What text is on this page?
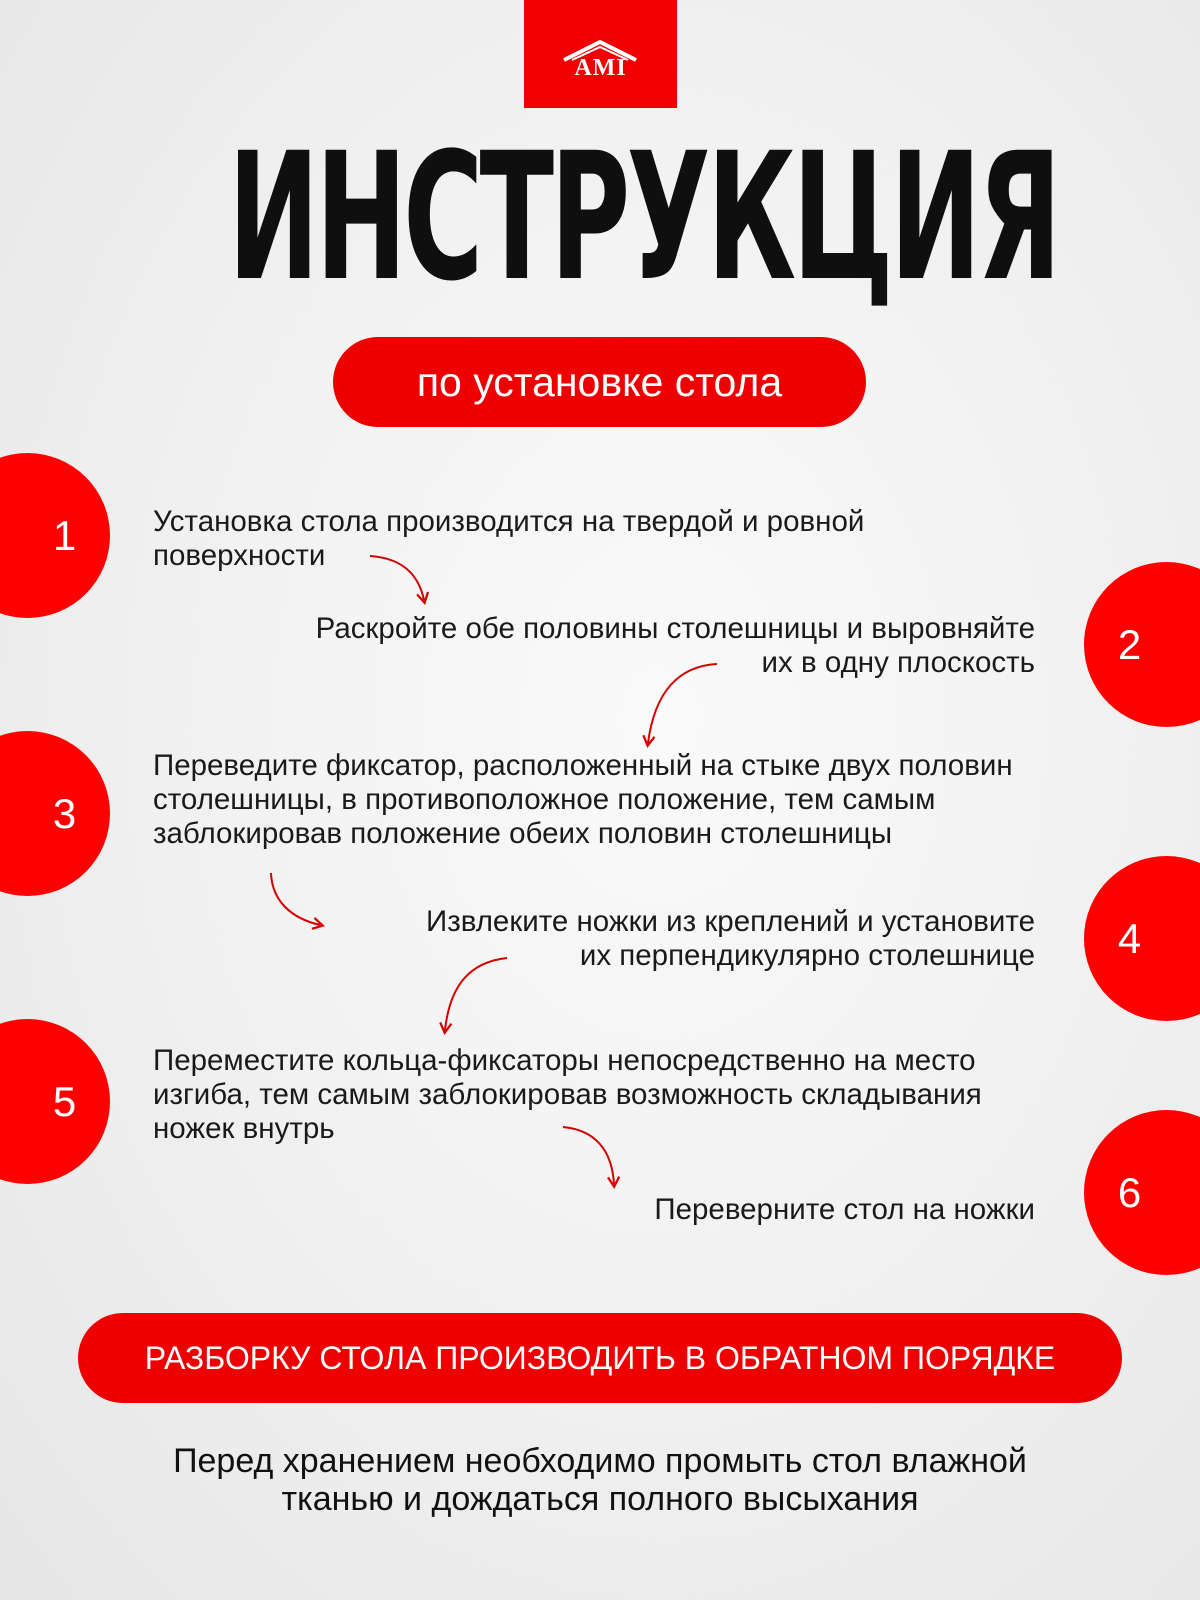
AMI
ИНСТРУКЦИЯ
по установке стола
1
2
3
4
5
6
Установка стола производится на твердой и ровной
поверхности
Раскройте обе половины столешницы и выровняйте
их в одну плоскость
Переведите фиксатор, расположенный на стыке двух половин
столешницы, в противоположное положение, тем самым
заблокировав положение обеих половин столешницы
Извлеките ножки из креплений и установите
их перпендикулярно столешнице
Переместите кольца-фиксаторы непосредственно на место
изгиба, тем самым заблокировав возможность складывания
ножек внутрь
Переверните стол на ножки
РАЗБОРКУ СТОЛА ПРОИЗВОДИТЬ В ОБРАТНОМ ПОРЯДКЕ
Перед хранением необходимо промыть стол влажной
тканью и дождаться полного высыхания
